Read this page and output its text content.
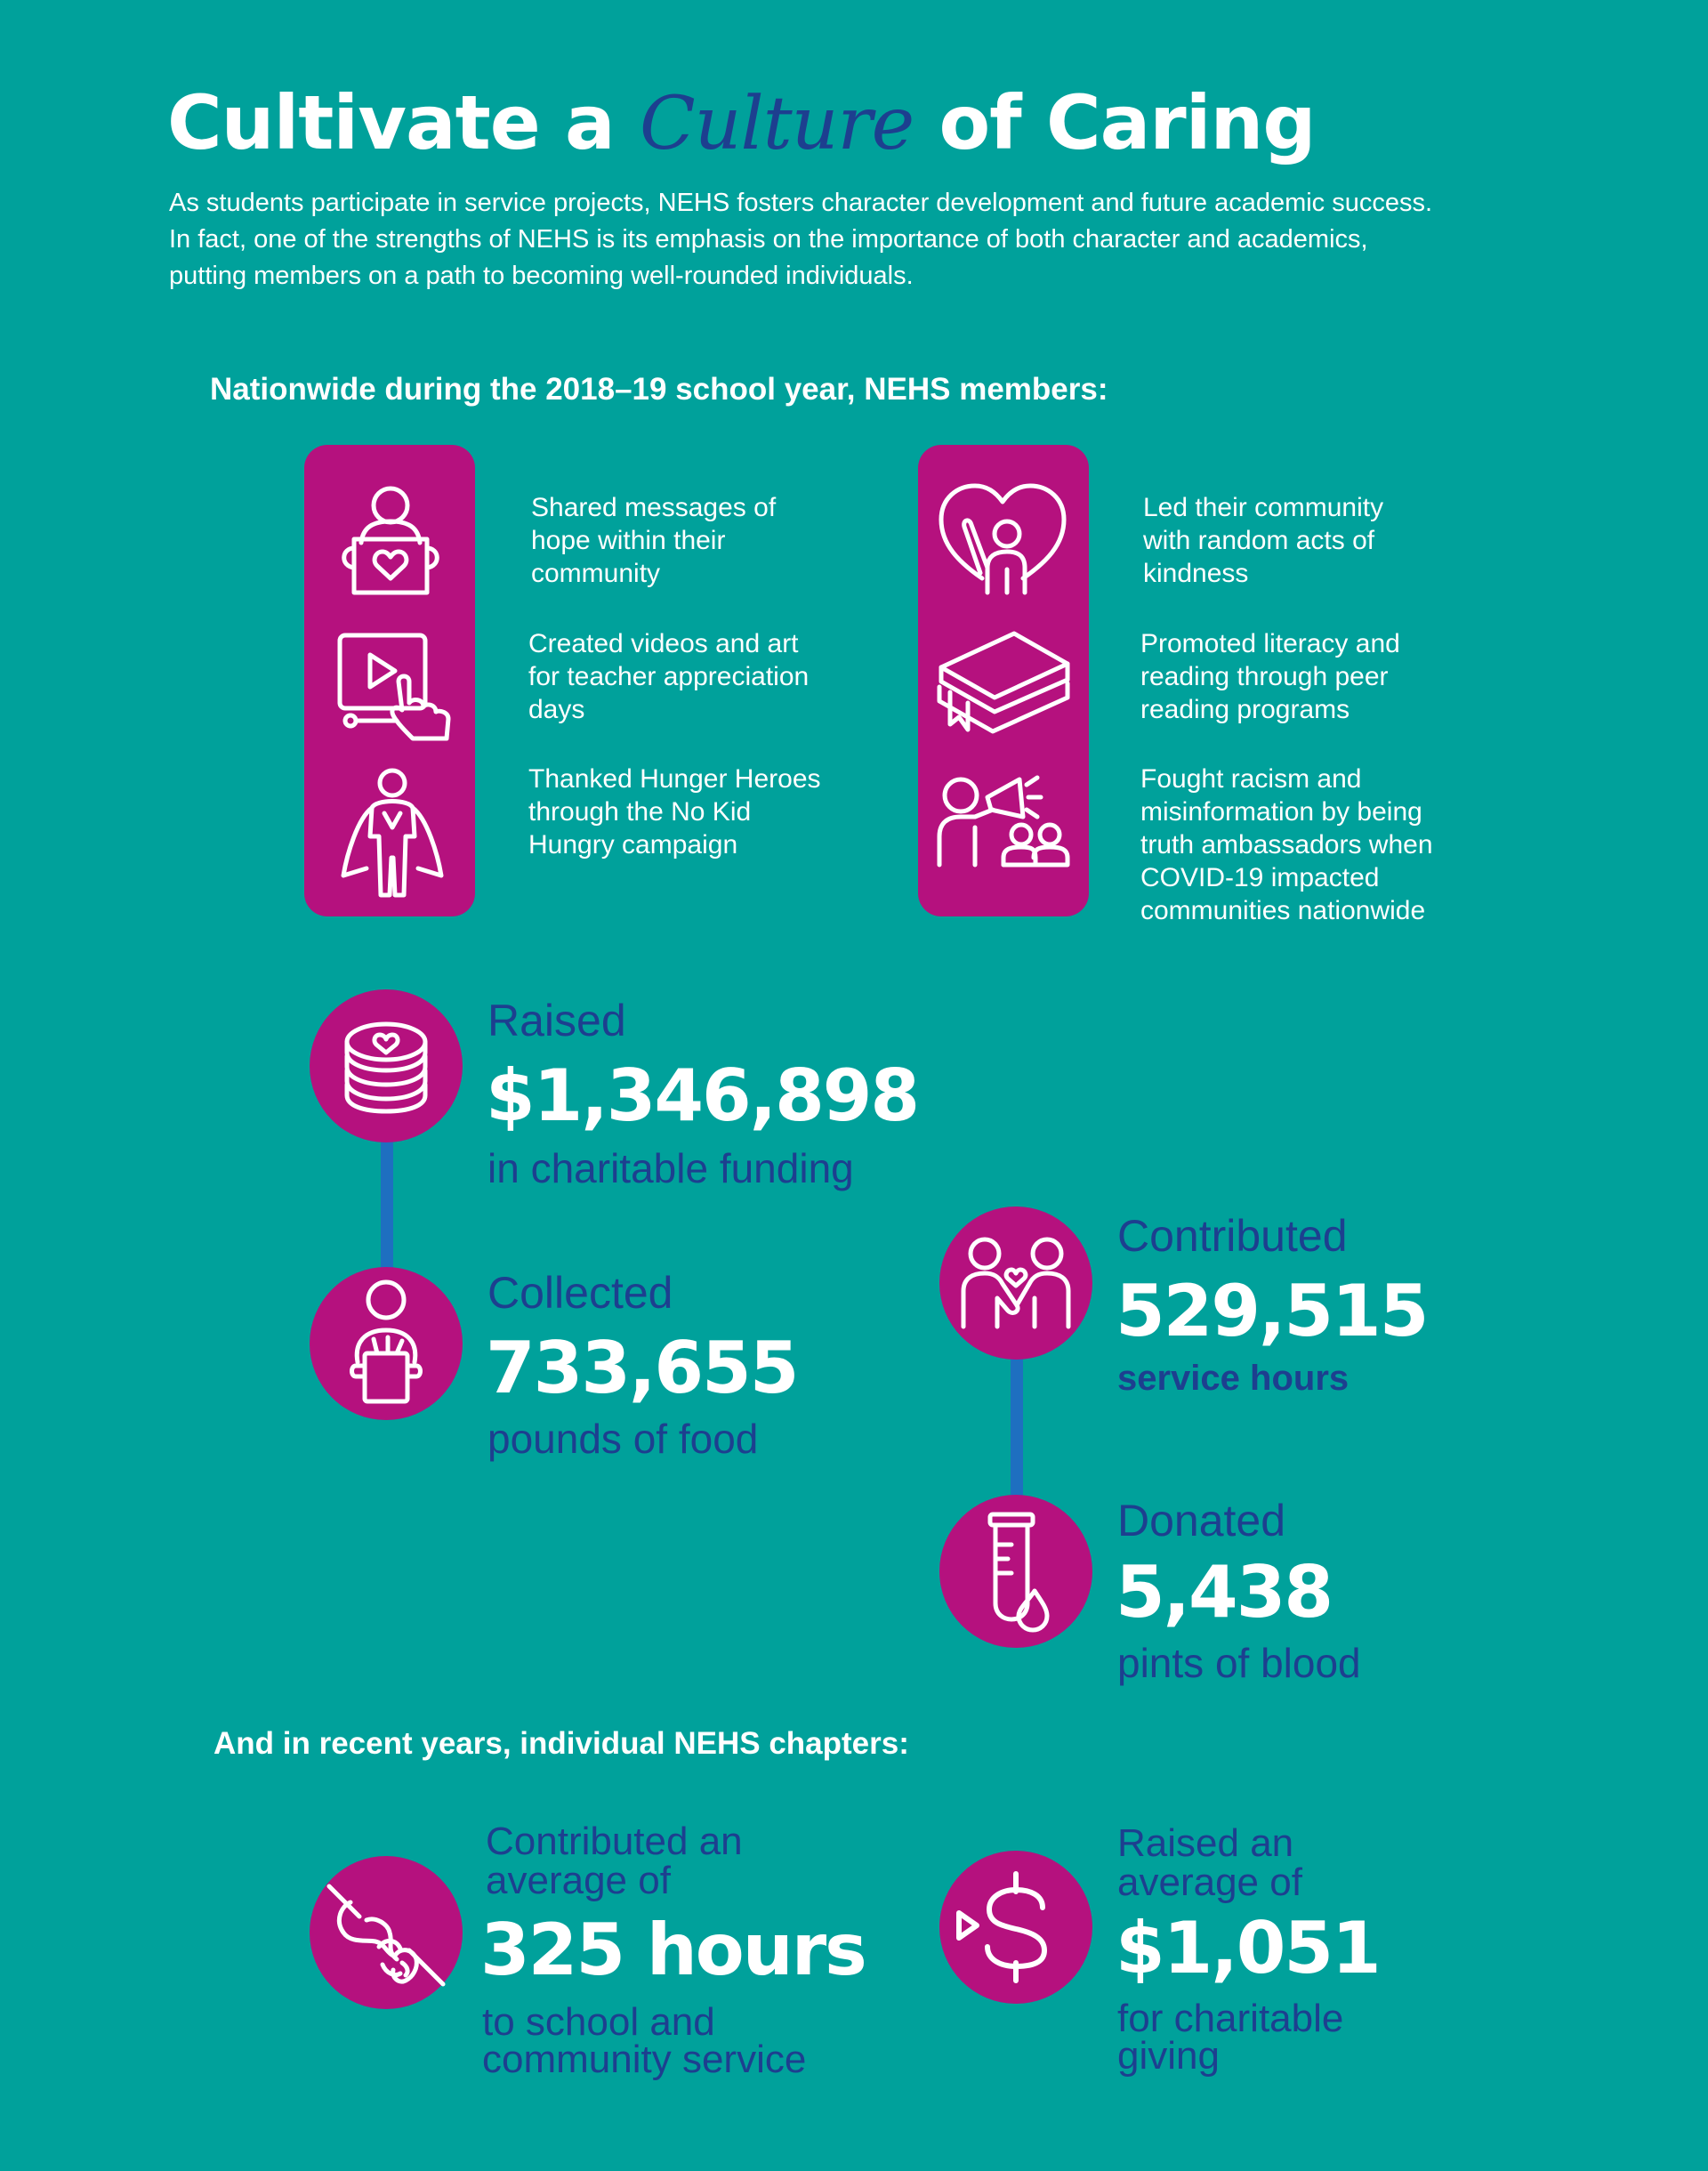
Cultivate a Culture of Caring

As students participate in service projects, NEHS fosters character development and future academic success.

In fact, one of the strengths of NEHS is its emphasis on the importance of both character and academics,

putting members on a path to becoming well-rounded individuals.

Nationwide during the 2018–19 school year, NEHS members:

Shared messages of hope within their community

Created videos and art for teacher appreciation days

Thanked Hunger Heroes through the No Kid Hungry campaign

Led their community with random acts of kindness

Promoted literacy and reading through peer reading programs

Fought racism and misinformation by being truth ambassadors when COVID-19 impacted communities nationwide

Raised

$1,346,898

in charitable funding

Collected

733,655

pounds of food

Contributed

529,515

service hours

Donated

5,438

pints of blood

And in recent years, individual NEHS chapters:

Contributed an
average of

325 hours

to school and
community service

Raised an
average of

$1,051

for charitable
giving
